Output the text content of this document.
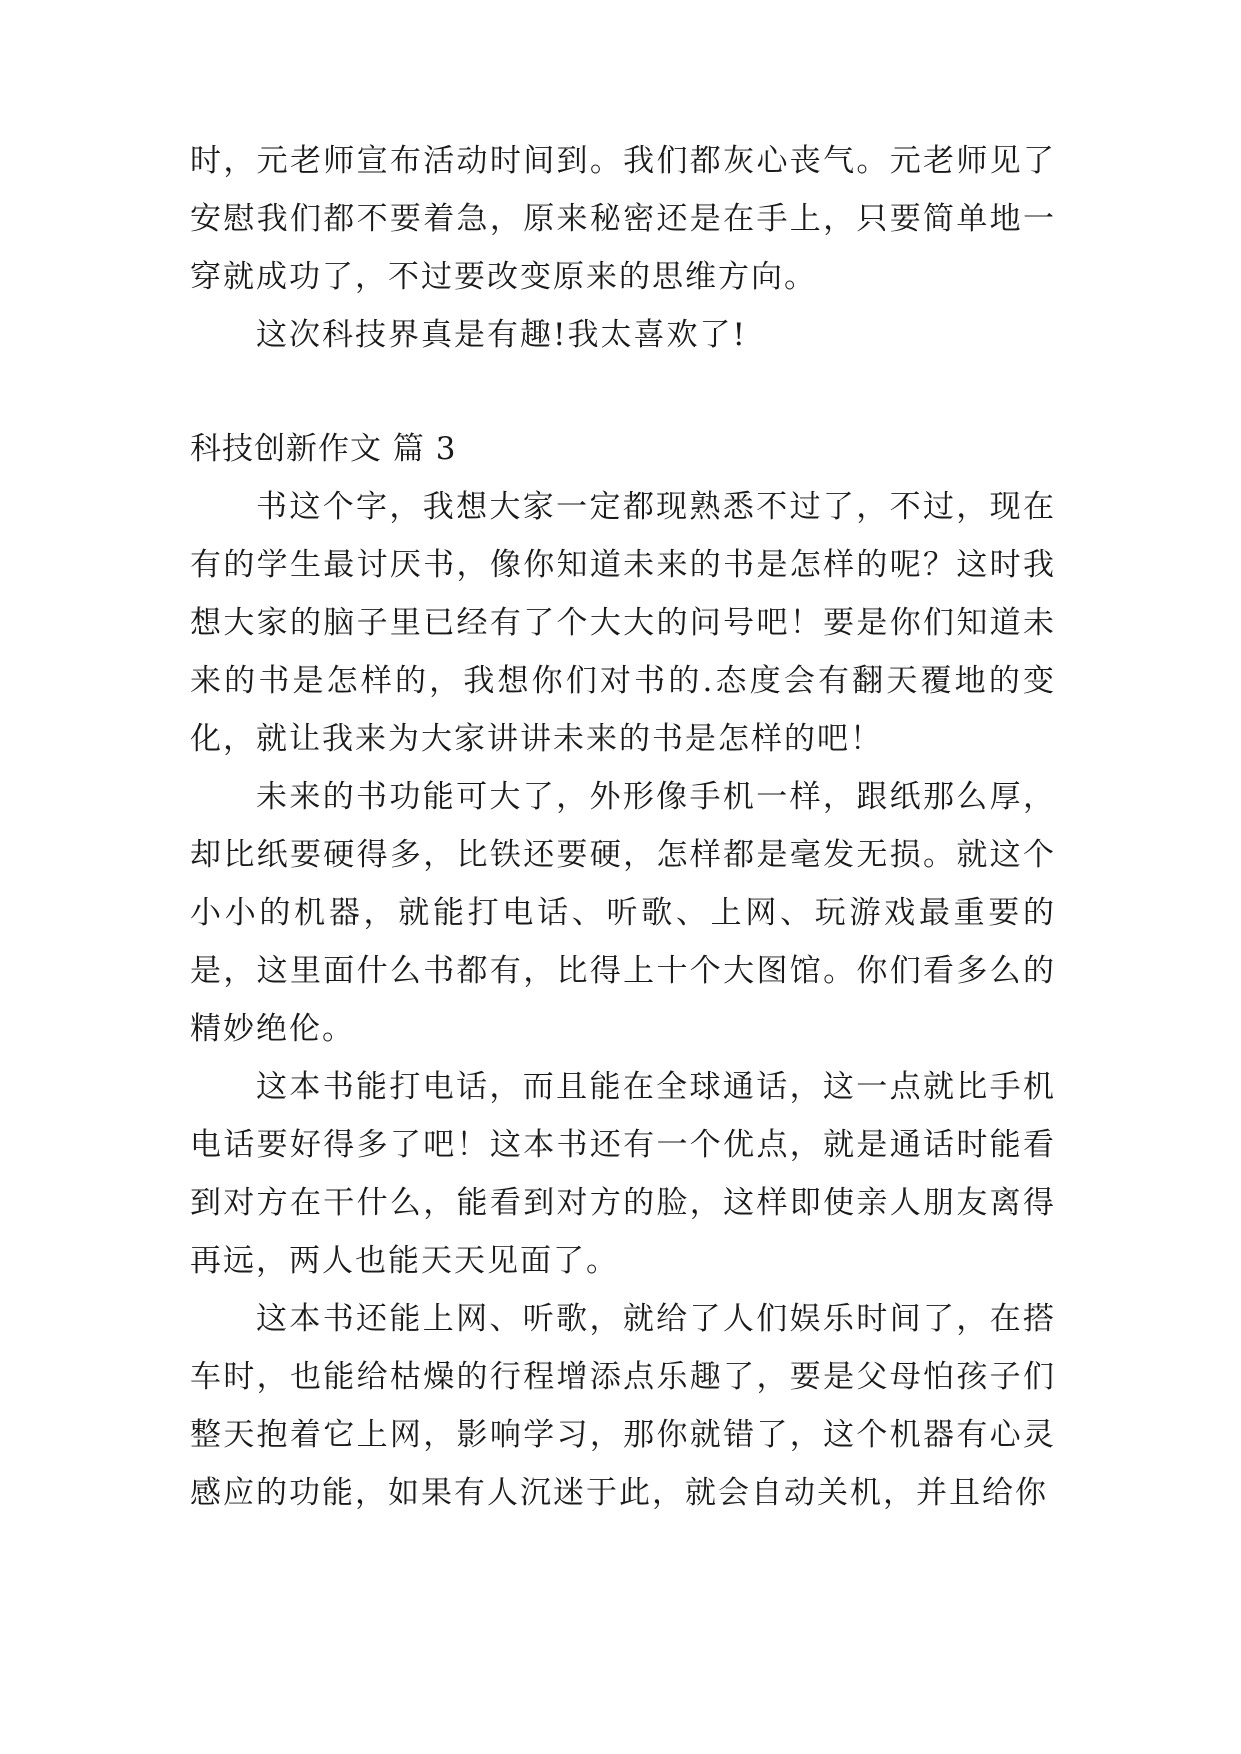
时，元老师宣布活动时间到。我们都灰心丧气。元老师见了安慰我们都不要着急，原来秘密还是在手上，只要简单地一穿就成功了，不过要改变原来的思维方向。

这次科技界真是有趣!我太喜欢了!

科技创新作文 篇 3

书这个字，我想大家一定都现熟悉不过了，不过，现在有的学生最讨厌书，像你知道未来的书是怎样的呢？这时我想大家的脑子里已经有了个大大的问号吧！要是你们知道未来的书是怎样的，我想你们对书的.态度会有翻天覆地的变化，就让我来为大家讲讲未来的书是怎样的吧！

未来的书功能可大了，外形像手机一样，跟纸那么厚，却比纸要硬得多，比铁还要硬，怎样都是毫发无损。就这个小小的机器，就能打电话、听歌、上网、玩游戏最重要的是，这里面什么书都有，比得上十个大图馆。你们看多么的精妙绝伦。

这本书能打电话，而且能在全球通话，这一点就比手机电话要好得多了吧！这本书还有一个优点，就是通话时能看到对方在干什么，能看到对方的脸，这样即使亲人朋友离得再远，两人也能天天见面了。

这本书还能上网、听歌，就给了人们娱乐时间了，在搭车时，也能给枯燥的行程增添点乐趣了，要是父母怕孩子们整天抱着它上网，影响学习，那你就错了，这个机器有心灵感应的功能，如果有人沉迷于此，就会自动关机，并且给你
